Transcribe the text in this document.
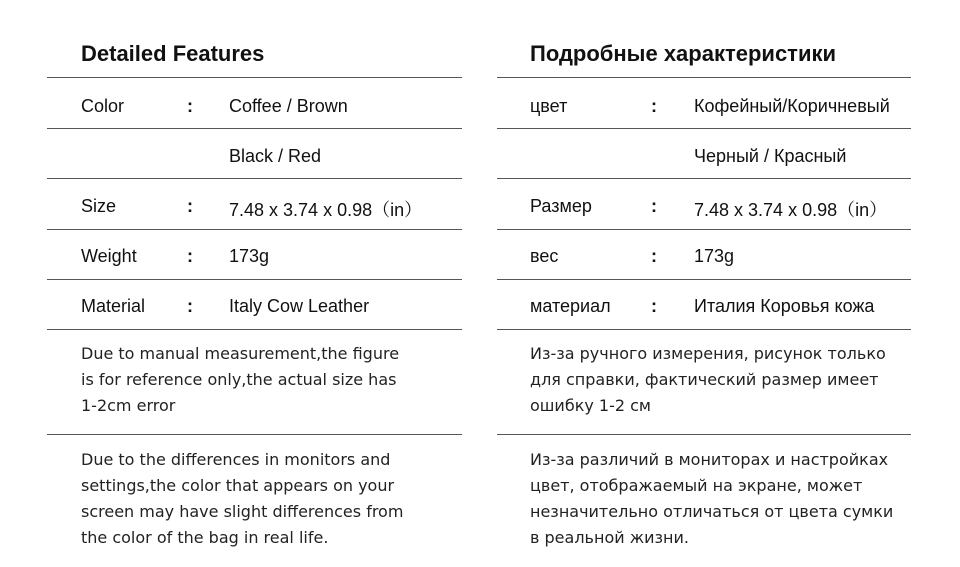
Detailed Features
Color	: Coffee / Brown
Black / Red
Size	: 7.48 x 3.74 x 0.98（in）
Weight	: 173g
Material : Italy Cow Leather
Due to manual measurement,the figure
is for reference only,the actual size has
1-2cm error
Due to the differences in monitors and
settings,the color that appears on your
screen may have slight differences from
the color of the bag in real life.
Подробные характеристики
цвет	: Кофейный/Коричневый
Черный / Красный
Размер	: 7.48 x 3.74 x 0.98（in）
вес	: 173g
материал : Италия Коровья кожа
Из-за ручного измерения, рисунок только
для справки, фактический размер имеет
ошибку 1-2 см
Из-за различий в мониторах и настройках
цвет, отображаемый на экране, может
незначительно отличаться от цвета сумки
в реальной жизни.
